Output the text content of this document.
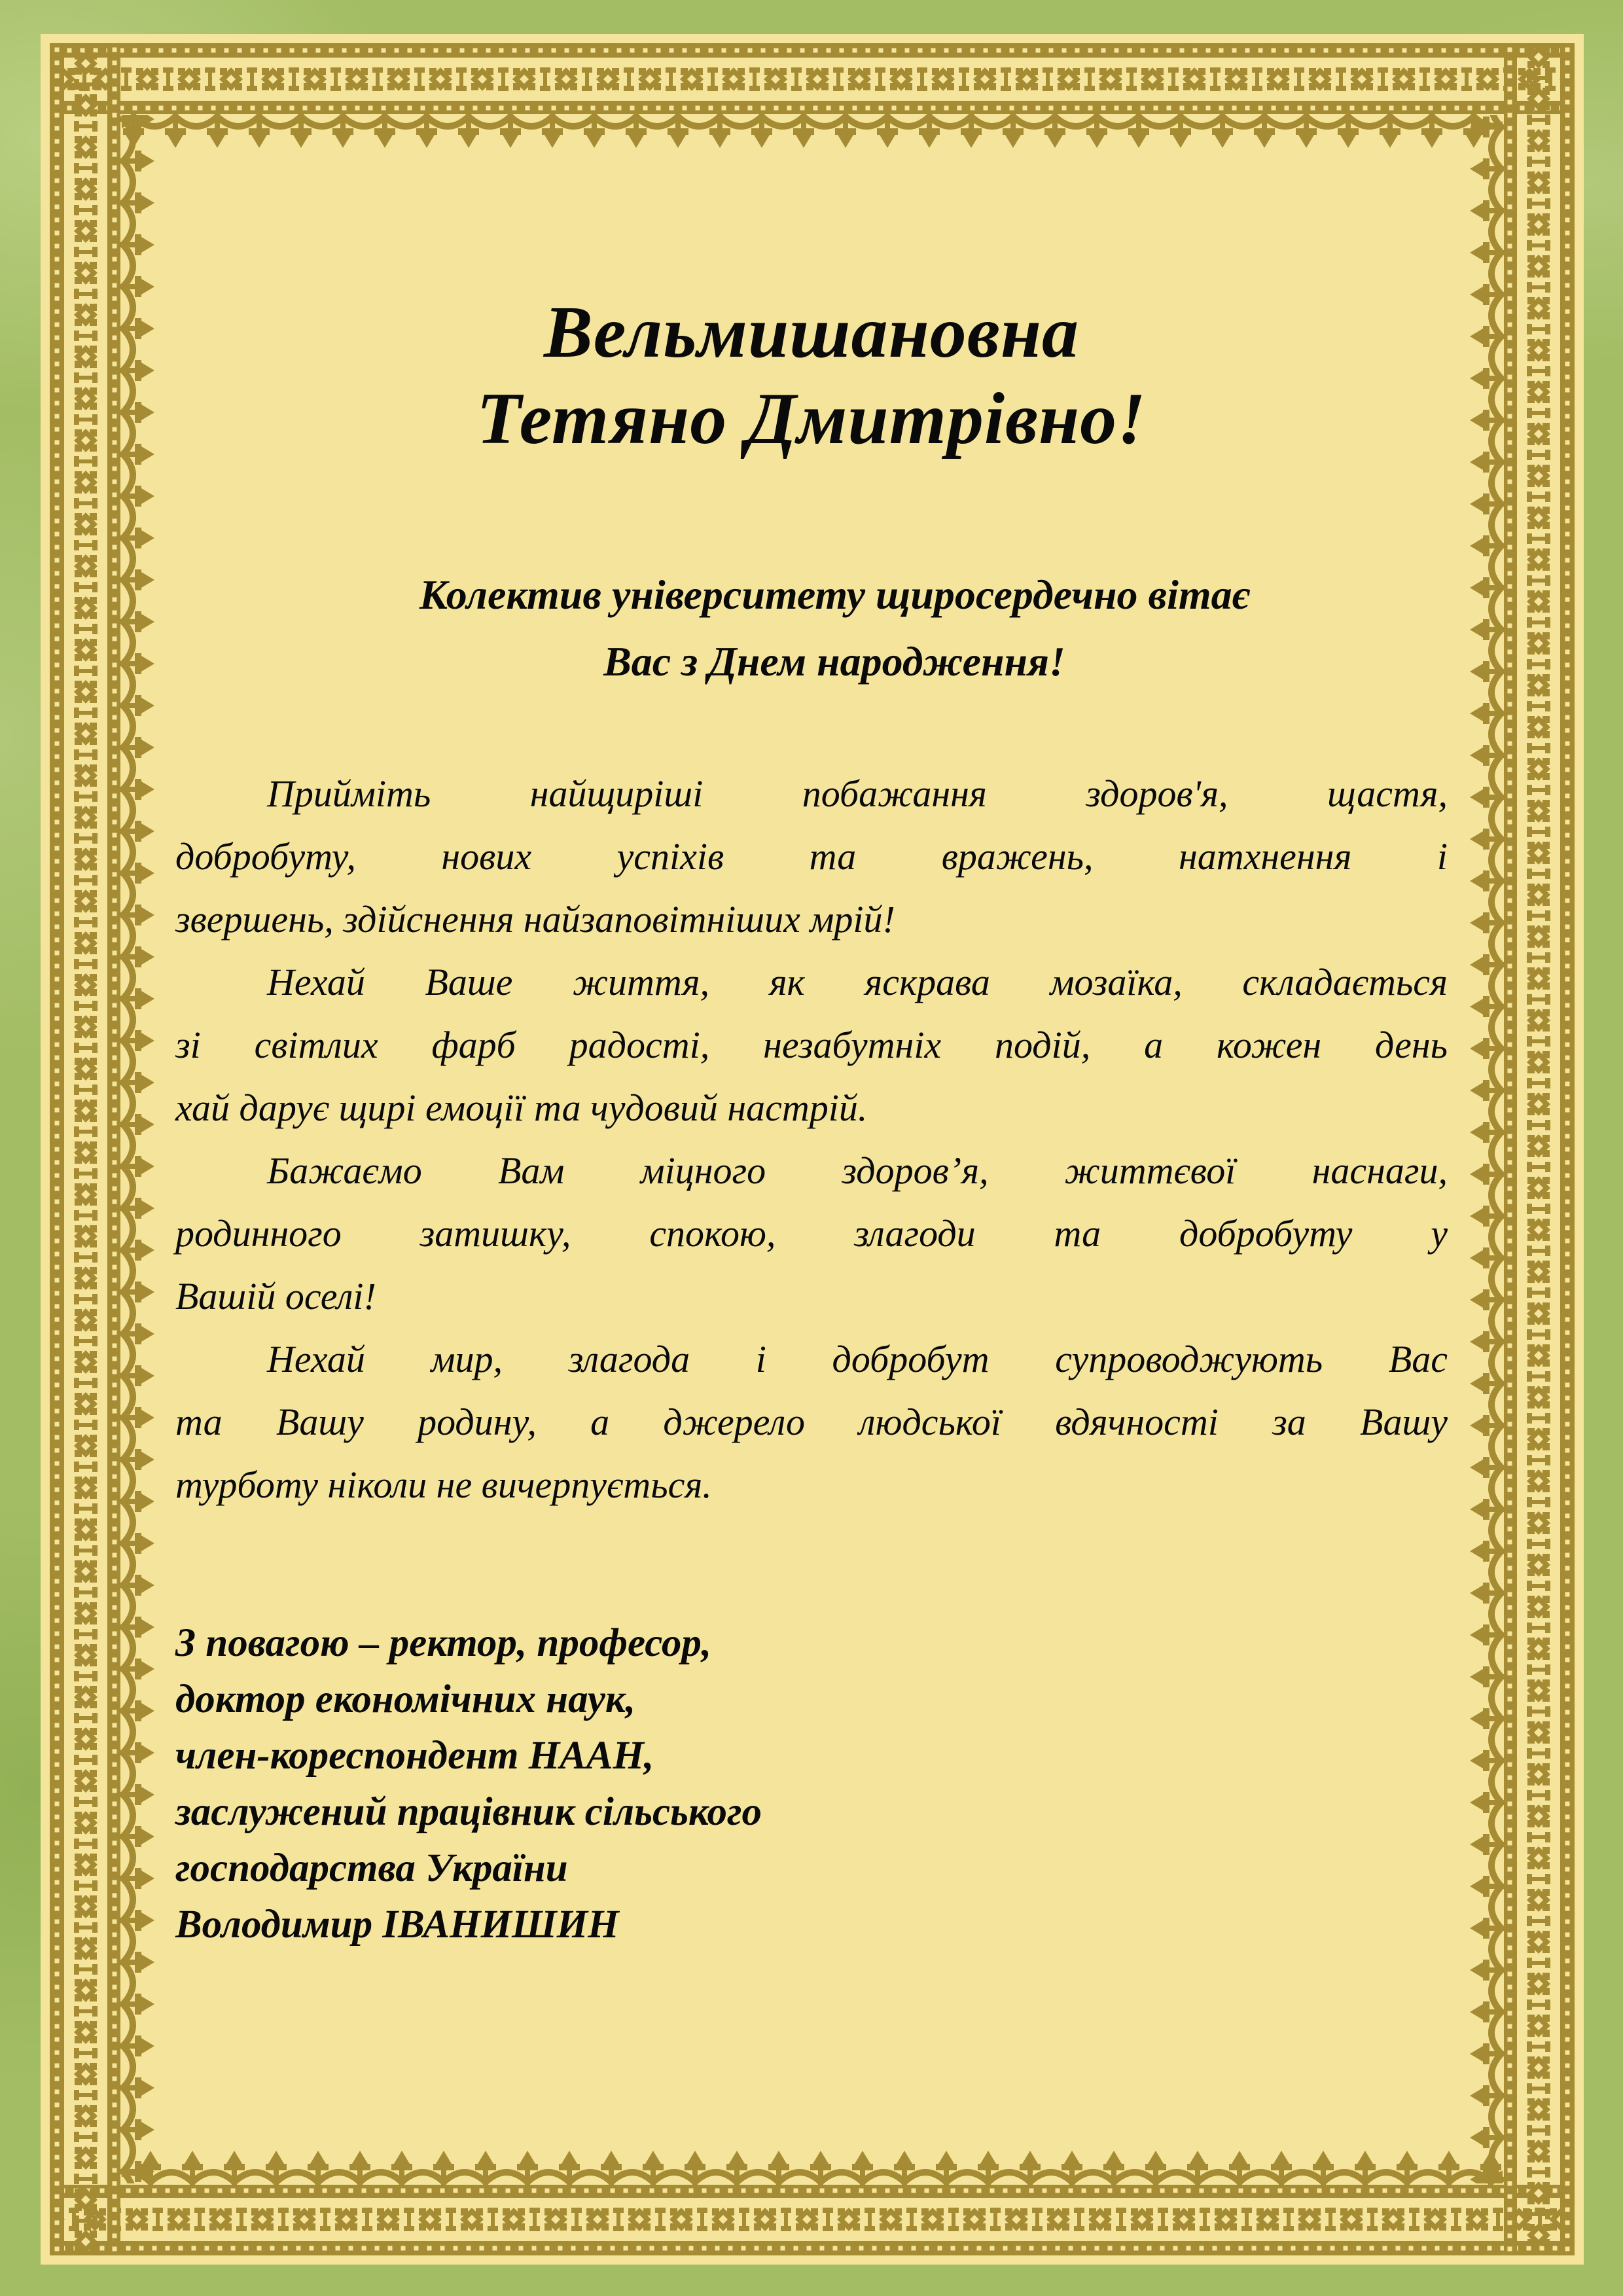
Вельмишановна
Тетяно Дмитрівно!
Колектив університету щиросердечно вітає
Вас з Днем народження!
Прийміть найщиріші побажання здоров'я, щастя,
добробуту, нових успіхів та вражень, натхнення і
звершень, здійснення найзаповітніших мрій!
Нехай Ваше життя, як яскрава мозаїка, складається
зі світлих фарб радості, незабутніх подій, а кожен день
хай дарує щирі емоції та чудовий настрій.
Бажаємо Вам міцного здоров’я, життєвої наснаги,
родинного затишку, спокою, злагоди та добробуту у
Вашій оселі!
Нехай мир, злагода і добробут супроводжують Вас
та Вашу родину, а джерело людської вдячності за Вашу
турботу ніколи не вичерпується.
З повагою – ректор, професор,
доктор економічних наук,
член-кореспондент НААН,
заслужений працівник сільського
господарства України
Володимир ІВАНИШИН
